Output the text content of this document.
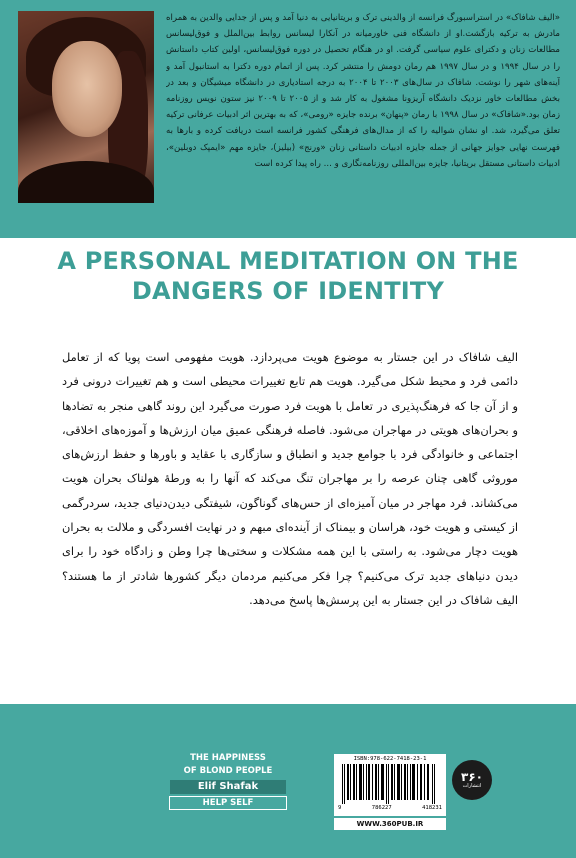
«الیف شافاک» در استراسبورگ فرانسه از والدینی ترک و بریتانیایی به دنیا آمد و پس از جدایی والدین به همراه مادرش به ترکیه بازگشت.او از دانشگاه فنی خاورمیانه در آنکارا لیسانس روابط بین‌الملل و فوق‌لیسانس مطالعات زنان و دکترای علوم سیاسی گرفت. او در هنگام تحصیل در دوره فوق‌لیسانس، اولین کتاب داستانش را در سال ۱۹۹۴ و در سال ۱۹۹۷ هم رمان دومش را منتشر کرد. پس از اتمام دوره دکترا به استانبول آمد و آینه‌های شهر را نوشت. شافاک در سال‌های ۲۰۰۳ تا ۲۰۰۴ به درجه استادیاری در دانشگاه میشیگان و بعد در بخش مطالعات خاور نزدیک دانشگاه آریزونا مشغول به کار شد و از ۲۰۰۵ تا ۲۰۰۹ نیز ستون نویس روزنامه زمان بود.«شافاک» در سال ۱۹۹۸ با رمان «پنهان» برنده جایزه «رومی»، که به بهترین اثر ادبیات عرفانی ترکیه تعلق می‌گیرد، شد. او نشان شوالیه را که از مدال‌های فرهنگی کشور فرانسه است دریافت کرده و بارها به فهرست نهایی جوایز جهانی از جمله جایزه ادبیات داستانی زنان «ورنج» (بیلیز)، جایزه مهم «ایمپک دوبلین»، ادبیات داستانی مستقل بریتانیا، جایزه بین‌المللی روزنامه‌نگاری و ... راه پیدا کرده است
A PERSONAL MEDITATION ON THE
DANGERS OF IDENTITY
الیف شافاک در این جستار به موضوع هویت می‌پردازد. هویت مفهومی است پویا که از تعامل دائمی فرد و محیط شکل می‌گیرد. هویت هم تابع تغییرات محیطی است و هم تغییرات درونی فرد و از آن جا که فرهنگ‌پذیری در تعامل با هویت فرد صورت می‌گیرد این روند گاهی منجر به تضادها و بحران‌های هویتی در مهاجران می‌شود. فاصله فرهنگی عمیق میان ارزش‌ها و آموزه‌های اخلاقی، اجتماعی و خانوادگی فرد با جوامع جدید و انطباق و سازگاری با عقاید و باورها و حفظ ارزش‌های موروثی گاهی چنان عرصه را بر مهاجران تنگ می‌کند که آنها را به ورطهٔ هولناک بحران هویت می‌کشاند. فرد مهاجر در میان آمیزه‌ای از حس‌های گوناگون، شیفتگی دیدن‌دنیای جدید، سردرگمی از کیستی و هویت خود، هراسان و بیمناک از آینده‌ای مبهم و در نهایت افسردگی و ملالت به بحران هویت دچار می‌شود. به راستی با این همه مشکلات و سختی‌ها چرا وطن و زادگاه خود را برای دیدن دنیاهای جدید ترک می‌کنیم؟ چرا فکر می‌کنیم مردمان دیگر کشورها شادتر از ما هستند؟ الیف شافاک در این جستار به این پرسش‌ها پاسخ می‌دهد.
THE HAPPINESS
OF BLOND PEOPLE
Elif Shafak
HELP SELF
ISBN:978-622-7418-23-1
9	786227	418231
۳۶۰
انتشارات
WWW.360PUB.IR
